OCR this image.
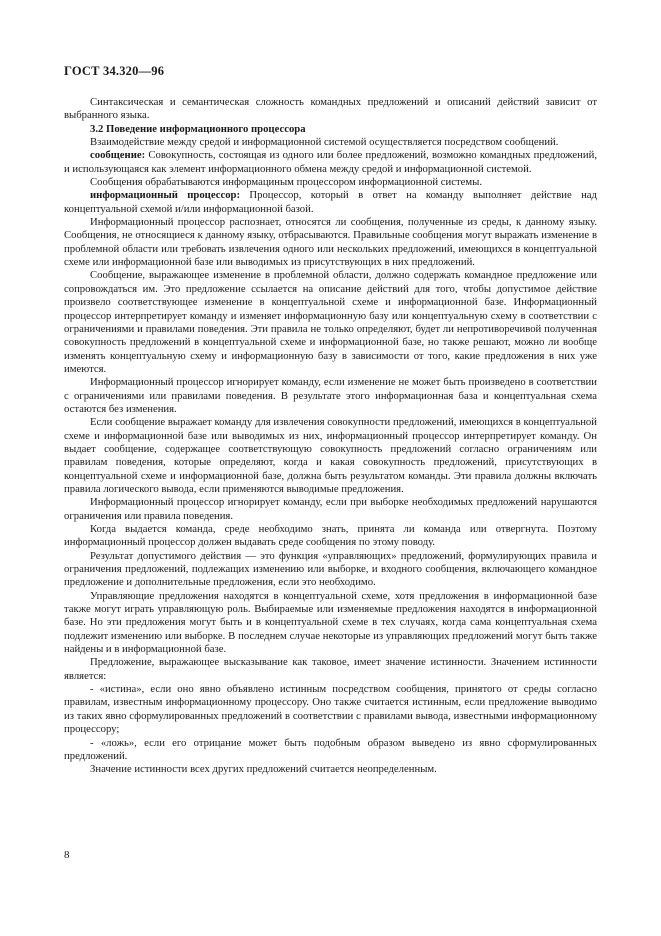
ГОСТ 34.320—96

Синтаксическая и семантическая сложность командных предложений и описаний действий зависит от выбранного языка.

3.2 Поведение информационного процессора

Взаимодействие между средой и информационной системой осуществляется посредством сообщений.

сообщение: Совокупность, состоящая из одного или более предложений, возможно командных предложений, и использующаяся как элемент информационного обмена между средой и информационной системой.

Сообщения обрабатываются информациным процессором информационной системы.

информационный процессор: Процессор, который в ответ на команду выполняет действие над концептуальной схемой и/или информационной базой.

Информационный процессор распознает, относятся ли сообщения, полученные из среды, к данному языку. Сообщения, не относящиеся к данному языку, отбрасываются. Правильные сообщения могут выражать изменение в проблемной области или требовать извлечения одного или нескольких предложений, имеющихся в концептуальной схеме или информационной базе или выводимых из присутствующих в них предложений.

Сообщение, выражающее изменение в проблемной области, должно содержать командное предложение или сопровождаться им. Это предложение ссылается на описание действий для того, чтобы допустимое действие произвело соответствующее изменение в концептуальной схеме и информационной базе. Информационный процессор интерпретирует команду и изменяет информационную базу или концептуальную схему в соответствии с ограничениями и правилами поведения. Эти правила не только определяют, будет ли непротиворечивой полученная совокупность предложений в концептуальной схеме и информационной базе, но также решают, можно ли вообще изменять концептуальную схему и информационную базу в зависимости от того, какие предложения в них уже имеются.

Информационный процессор игнорирует команду, если изменение не может быть произведено в соответствии с ограничениями или правилами поведения. В результате этого информационная база и концептуальная схема остаются без изменения.

Если сообщение выражает команду для извлечения совокупности предложений, имеющихся в концептуальной схеме и информационной базе или выводимых из них, информационный процессор интерпретирует команду. Он выдает сообщение, содержащее соответствующую совокупность предложений согласно ограничениям или правилам поведения, которые определяют, когда и какая совокупность предложений, присутствующих в концептуальной схеме и информационной базе, должна быть результатом команды. Эти правила должны включать правила логического вывода, если применяются выводимые предложения.

Информационный процессор игнорирует команду, если при выборке необходимых предложений нарушаются ограничения или правила поведения.

Когда выдается команда, среде необходимо знать, принята ли команда или отвергнута. Поэтому информационный процессор должен выдавать среде сообщения по этому поводу.

Результат допустимого действия — это функция «управляющих» предложений, формулирующих правила и ограничения предложений, подлежащих изменению или выборке, и входного сообщения, включающего командное предложение и дополнительные предложения, если это необходимо.

Управляющие предложения находятся в концептуальной схеме, хотя предложения в информационной базе также могут играть управляющую роль. Выбираемые или изменяемые предложения находятся в информационной базе. Но эти предложения могут быть и в концептуальной схеме в тех случаях, когда сама концептуальная схема подлежит изменению или выборке. В последнем случае некоторые из управляющих предложений могут быть также найдены и в информационной базе.

Предложение, выражающее высказывание как таковое, имеет значение истинности. Значением истинности является:

- «истина», если оно явно объявлено истинным посредством сообщения, принятого от среды согласно правилам, известным информационному процессору. Оно также считается истинным, если предложение выводимо из таких явно сформулированных предложений в соответствии с правилами вывода, известными информационному процессору;

- «ложь», если его отрицание может быть подобным образом выведено из явно сформулированных предложений.

Значение истинности всех других предложений считается неопределенным.

8
